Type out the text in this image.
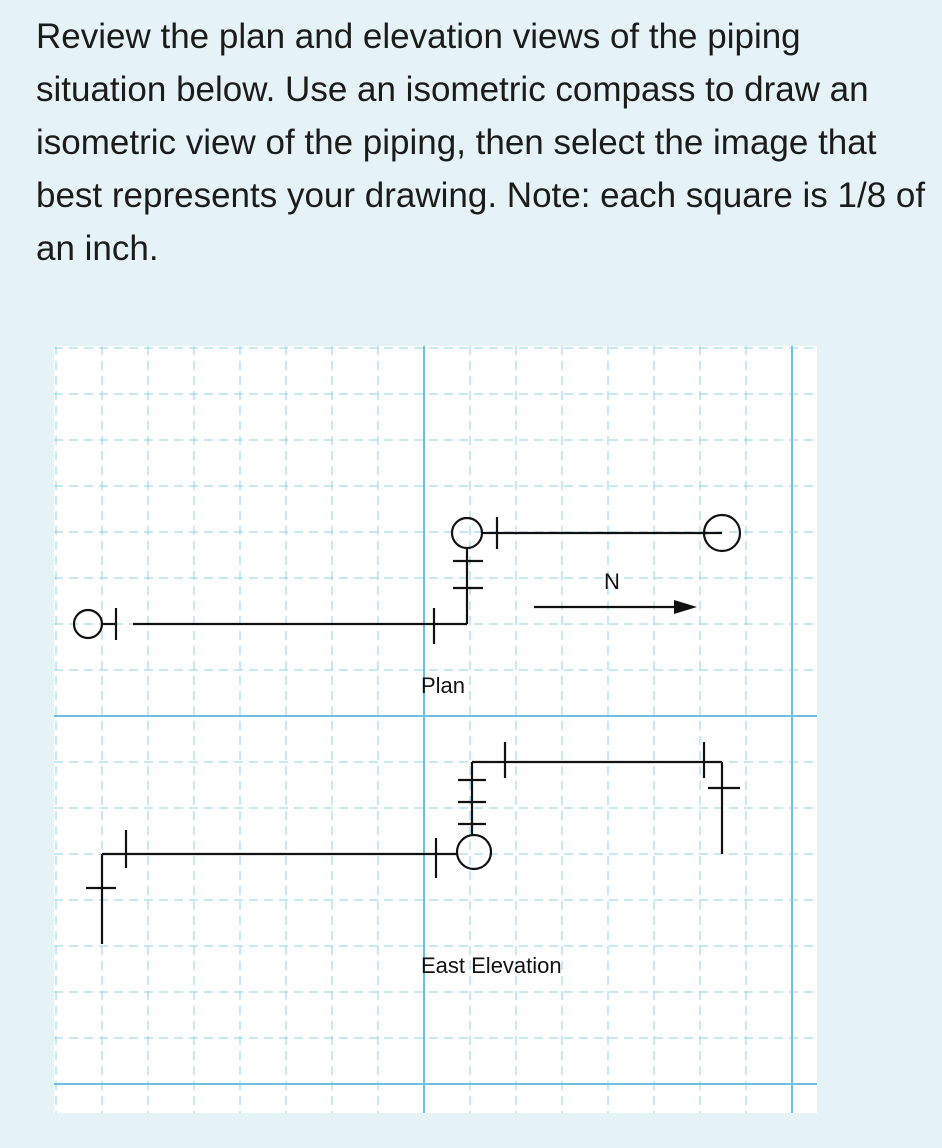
Review the plan and elevation views of the piping situation below. Use an isometric compass to draw an isometric view of the piping, then select the image that best represents your drawing. Note: each square is 1/8 of an inch.

Plan
N
East Elevation
